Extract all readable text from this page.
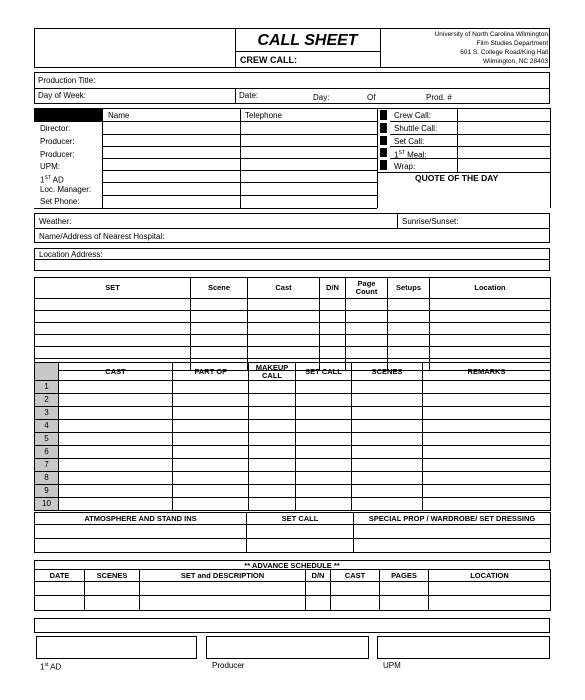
CALL SHEET
CREW CALL:
University of North Carolina Wilmington
Film Studies Department
601 S. College Road/King Hall
Wilmington, NC 28403
Production Title:
Day of Week:	Date:	Day:	Of	Prod. #
Name	Telephone
Director:
Producer:
Producer:
UPM:
1ST AD
Loc. Manager:
Set Phone:
Crew Call:
Shuttle Call:
Set Call:
1ST Meal:
Wrap:
QUOTE OF THE DAY
Weather:	Sunrise/Sunset:
Name/Address of Nearest Hospital:
Location Address:
SET	Scene	Cast	D/N	Page Count	Setups	Location

	CAST	PART OF	MAKEUP CALL	SET CALL	SCENES	REMARKS
1						
2						
3						
4						
5						
6						
7						
8						
9						
10						
ATMOSPHERE AND STAND INS	SET CALL	SPECIAL PROP / WARDROBE/ SET DRESSING

** ADVANCE SCHEDULE **
DATE	SCENES	SET and DESCRIPTION	D/N	CAST	PAGES	LOCATION

1st AD	Producer	UPM
